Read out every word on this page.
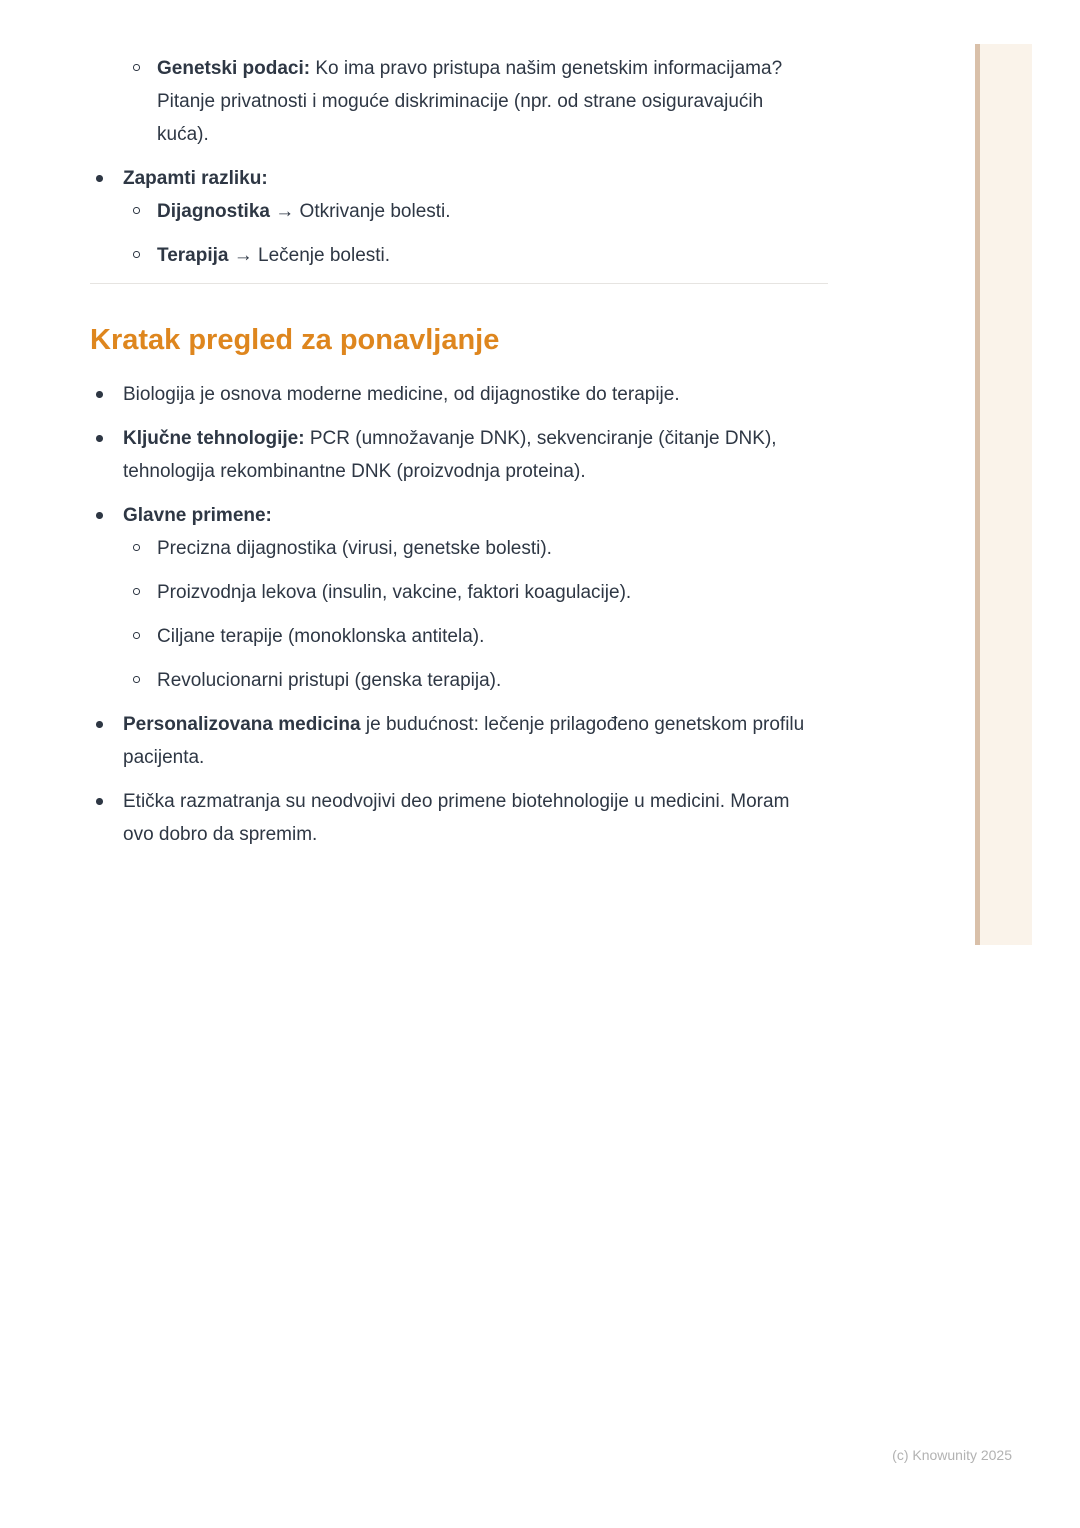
Genetski podaci: Ko ima pravo pristupa našim genetskim informacijama? Pitanje privatnosti i moguće diskriminacije (npr. od strane osiguravajućih kuća).
Zapamti razliku:
Dijagnostika → Otkrivanje bolesti.
Terapija → Lečenje bolesti.
Kratak pregled za ponavljanje
Biologija je osnova moderne medicine, od dijagnostike do terapije.
Ključne tehnologije: PCR (umnožavanje DNK), sekvenciranje (čitanje DNK), tehnologija rekombinantne DNK (proizvodnja proteina).
Glavne primene:
Precizna dijagnostika (virusi, genetske bolesti).
Proizvodnja lekova (insulin, vakcine, faktori koagulacije).
Ciljane terapije (monoklonska antitela).
Revolucionarni pristupi (genska terapija).
Personalizovana medicina je budućnost: lečenje prilagođeno genetskom profilu pacijenta.
Etička razmatranja su neodvojivi deo primene biotehnologije u medicini. Moram ovo dobro da spremim.
(c) Knowunity 2025
